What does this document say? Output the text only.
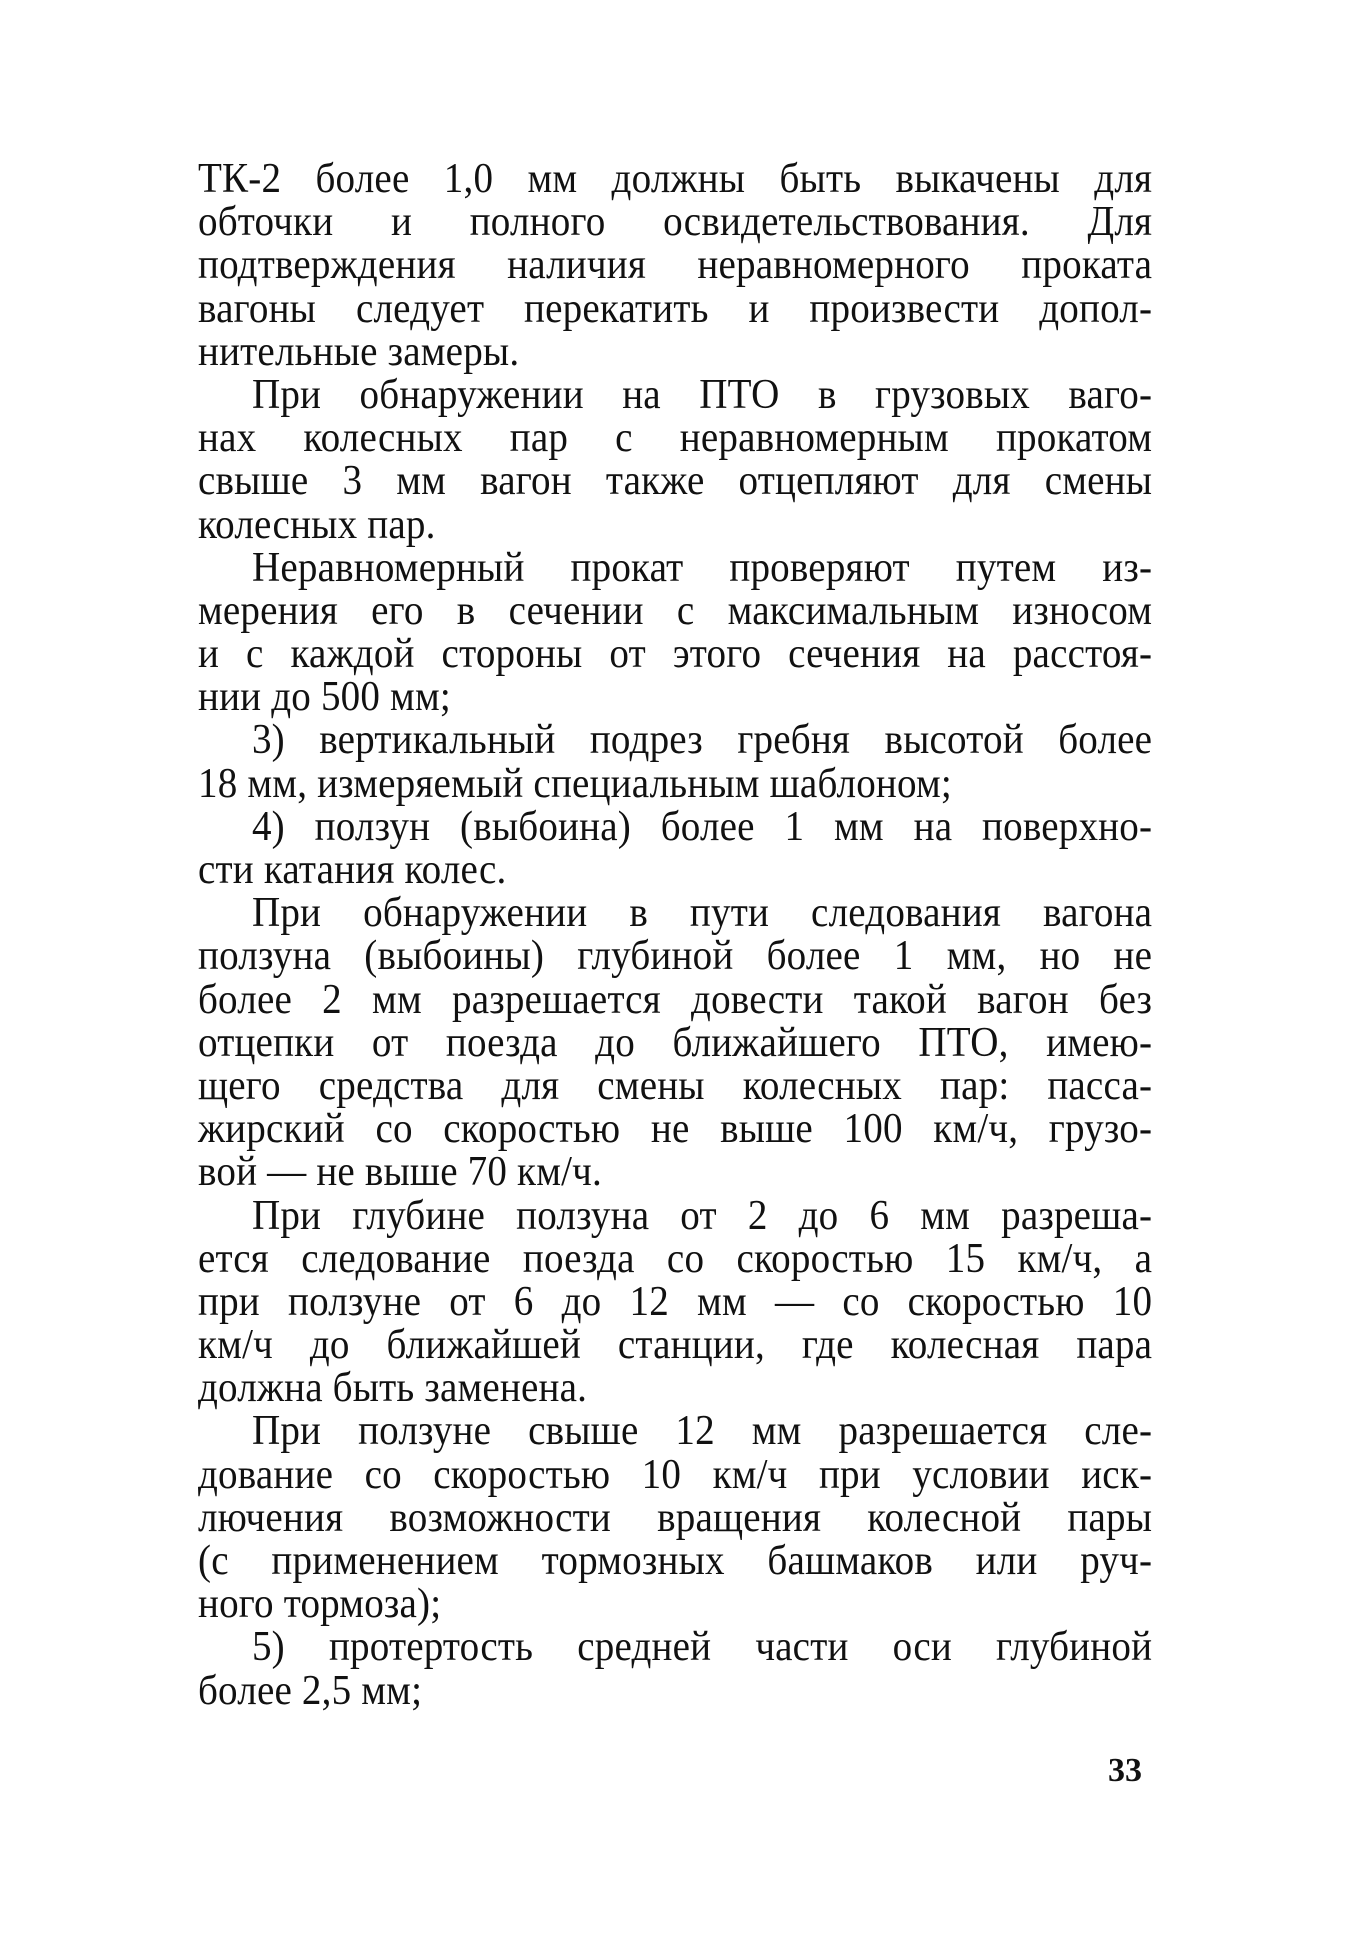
ТК-2 более 1,0 мм должны быть выкачены для
обточки и полного освидетельствования. Для
подтверждения наличия неравномерного проката
вагоны следует перекатить и произвести допол-
нительные замеры.
При обнаружении на ПТО в грузовых ваго-
нах колесных пар с неравномерным прокатом
свыше 3 мм вагон также отцепляют для смены
колесных пар.
Неравномерный прокат проверяют путем из-
мерения его в сечении с максимальным износом
и с каждой стороны от этого сечения на расстоя-
нии до 500 мм;
3) вертикальный подрез гребня высотой более
18 мм, измеряемый специальным шаблоном;
4) ползун (выбоина) более 1 мм на поверхно-
сти катания колес.
При обнаружении в пути следования вагона
ползуна (выбоины) глубиной более 1 мм, но не
более 2 мм разрешается довести такой вагон без
отцепки от поезда до ближайшего ПТО, имею-
щего средства для смены колесных пар: пасса-
жирский со скоростью не выше 100 км/ч, грузо-
вой — не выше 70 км/ч.
При глубине ползуна от 2 до 6 мм разреша-
ется следование поезда со скоростью 15 км/ч, а
при ползуне от 6 до 12 мм — со скоростью 10
км/ч до ближайшей станции, где колесная пара
должна быть заменена.
При ползуне свыше 12 мм разрешается сле-
дование со скоростью 10 км/ч при условии иск-
лючения возможности вращения колесной пары
(с применением тормозных башмаков или руч-
ного тормоза);
5) протертость средней части оси глубиной
более 2,5 мм;
33
